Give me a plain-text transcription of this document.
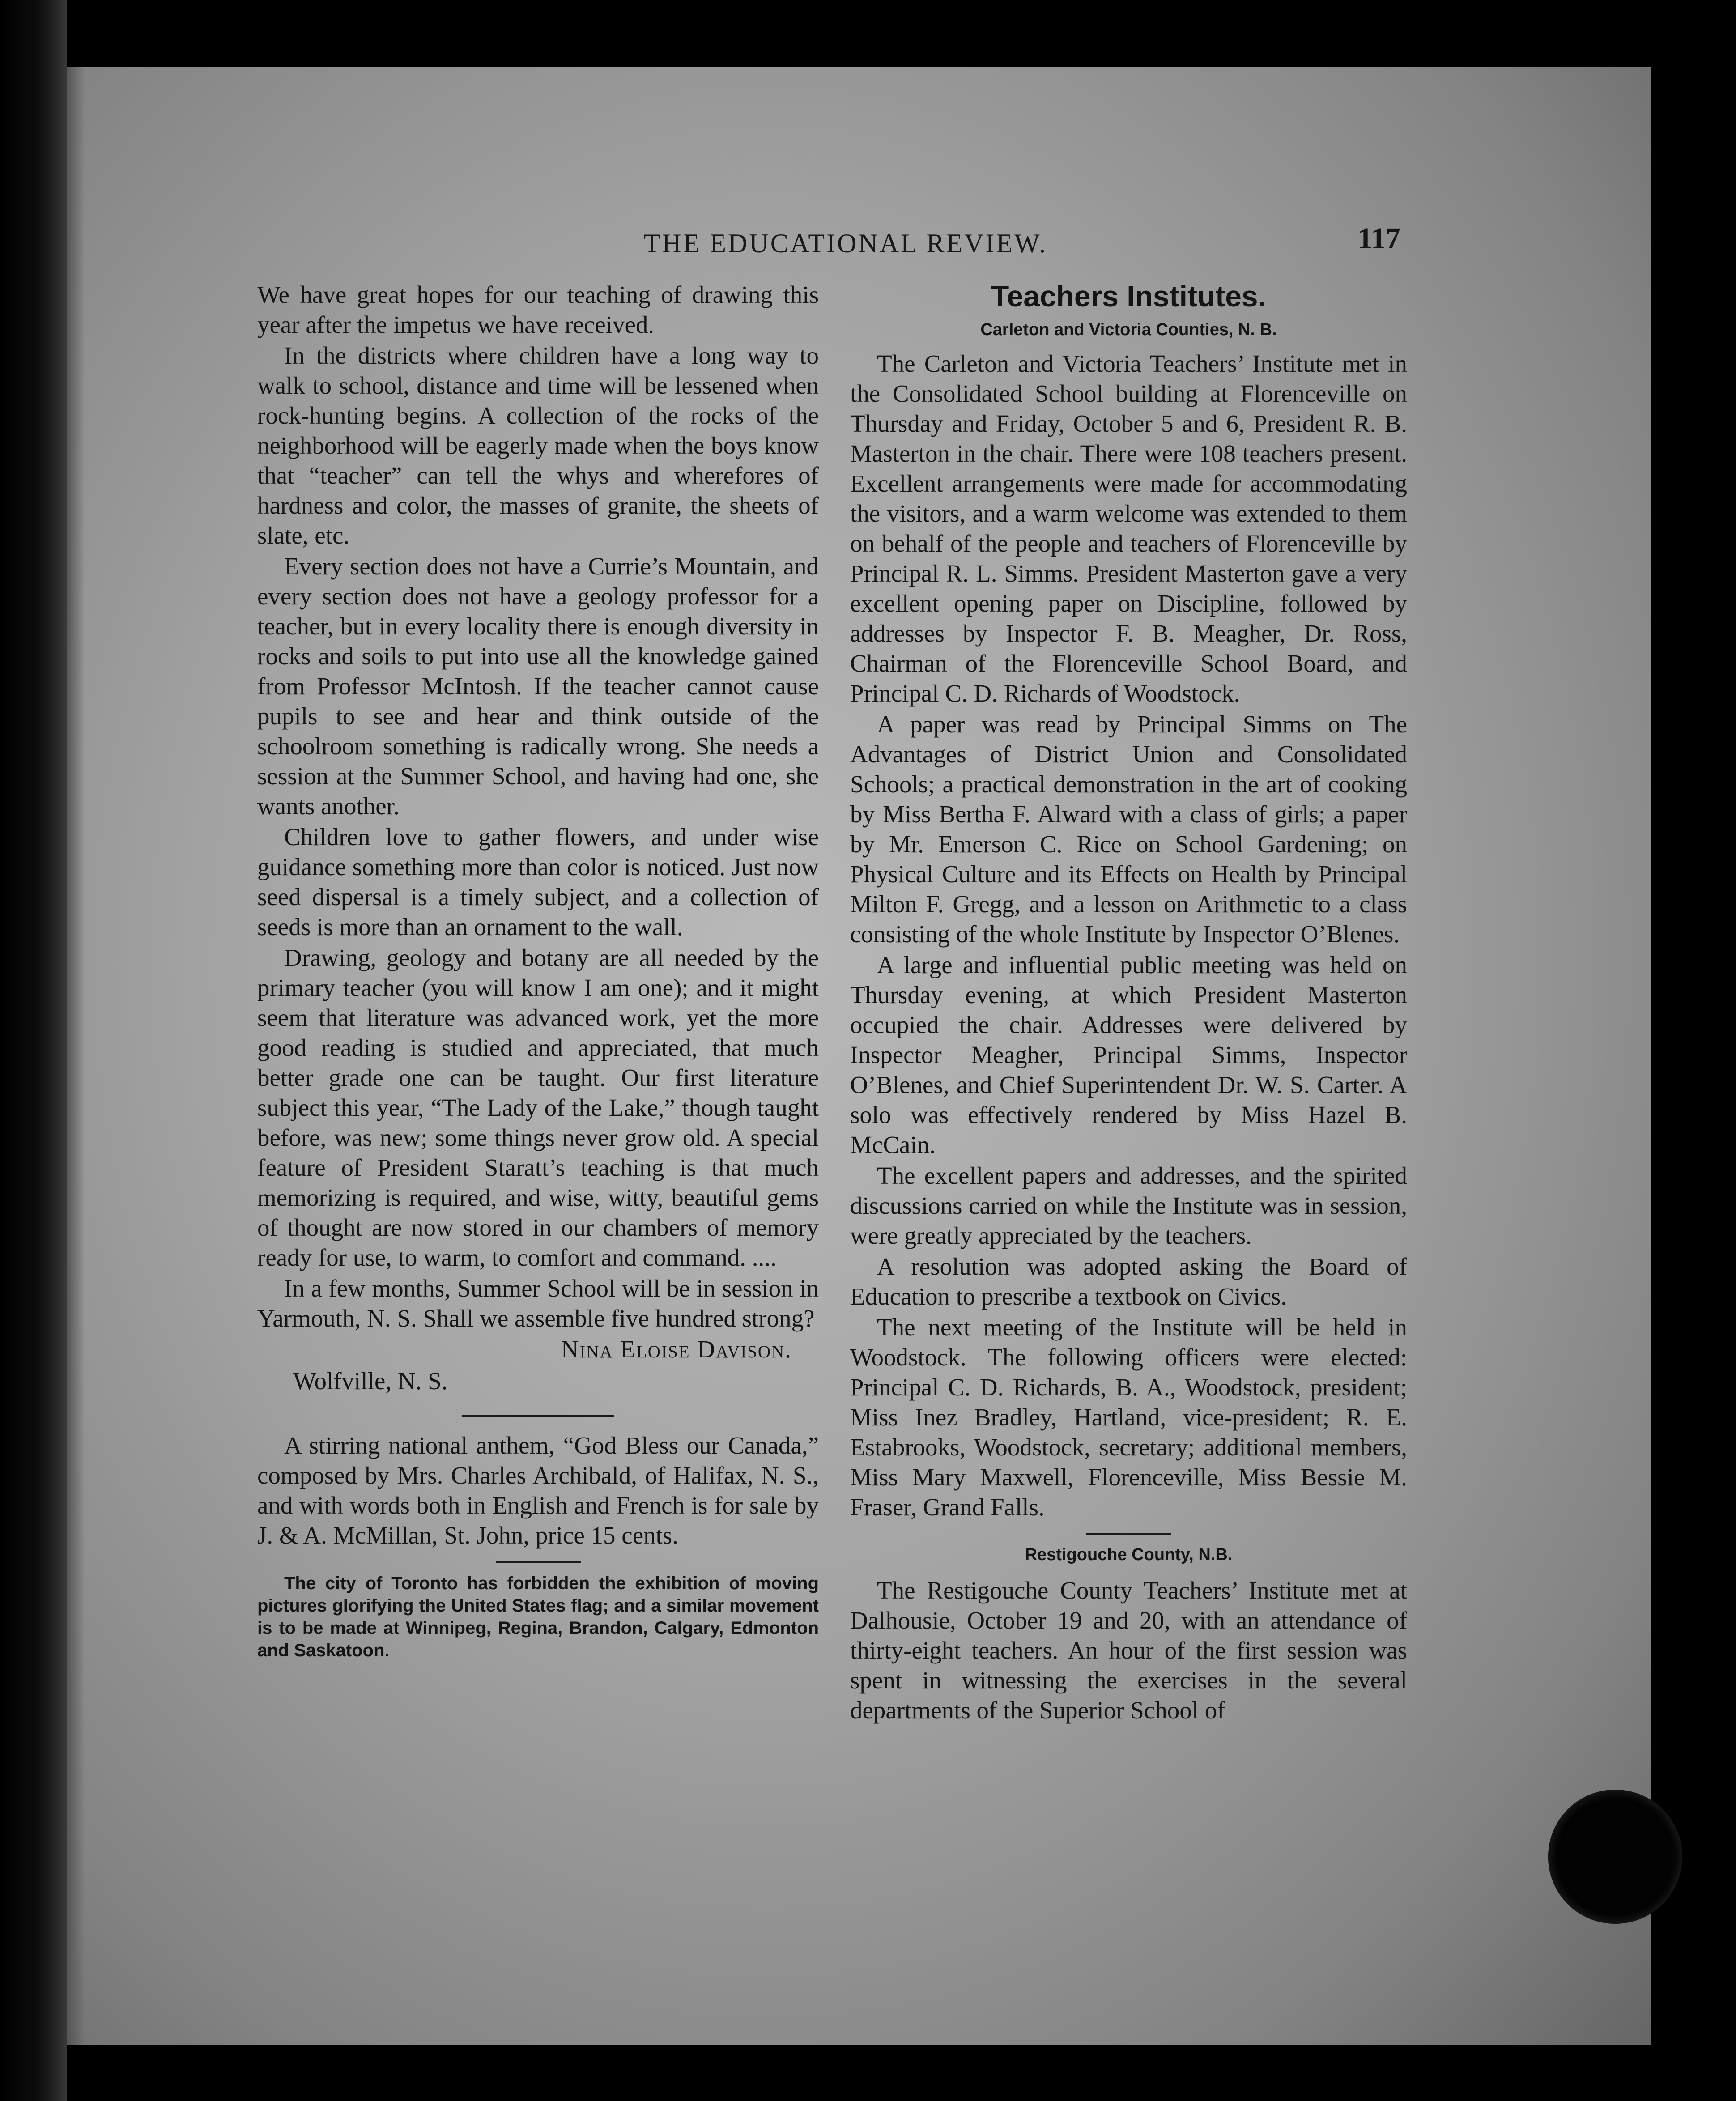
THE EDUCATIONAL REVIEW.	117

We have great hopes for our teaching of drawing this year after the impetus we have received.

In the districts where children have a long way to walk to school, distance and time will be lessened when rock-hunting begins. A collection of the rocks of the neighborhood will be eagerly made when the boys know that “teacher” can tell the whys and wherefores of hardness and color, the masses of granite, the sheets of slate, etc.

Every section does not have a Currie’s Mountain, and every section does not have a geology professor for a teacher, but in every locality there is enough diversity in rocks and soils to put into use all the knowledge gained from Professor McIntosh. If the teacher cannot cause pupils to see and hear and think outside of the schoolroom something is radically wrong. She needs a session at the Summer School, and having had one, she wants another.

Children love to gather flowers, and under wise guidance something more than color is noticed. Just now seed dispersal is a timely subject, and a collection of seeds is more than an ornament to the wall.

Drawing, geology and botany are all needed by the primary teacher (you will know I am one); and it might seem that literature was advanced work, yet the more good reading is studied and appreciated, that much better grade one can be taught. Our first literature subject this year, “The Lady of the Lake,” though taught before, was new; some things never grow old. A special feature of President Staratt’s teaching is that much memorizing is required, and wise, witty, beautiful gems of thought are now stored in our chambers of memory ready for use, to warm, to comfort and command. ....

In a few months, Summer School will be in session in Yarmouth, N. S. Shall we assemble five hundred strong?

Nina Eloise Davison.
Wolfville, N. S.

A stirring national anthem, “God Bless our Canada,” composed by Mrs. Charles Archibald, of Halifax, N. S., and with words both in English and French is for sale by J. & A. McMillan, St. John, price 15 cents.

The city of Toronto has forbidden the exhibition of moving pictures glorifying the United States flag; and a similar movement is to be made at Winnipeg, Regina, Brandon, Calgary, Edmonton and Saskatoon.

Teachers Institutes.
Carleton and Victoria Counties, N. B.

The Carleton and Victoria Teachers’ Institute met in the Consolidated School building at Florenceville on Thursday and Friday, October 5 and 6, President R. B. Masterton in the chair. There were 108 teachers present. Excellent arrangements were made for accommodating the visitors, and a warm welcome was extended to them on behalf of the people and teachers of Florenceville by Principal R. L. Simms. President Masterton gave a very excellent opening paper on Discipline, followed by addresses by Inspector F. B. Meagher, Dr. Ross, Chairman of the Florenceville School Board, and Principal C. D. Richards of Woodstock.

A paper was read by Principal Simms on The Advantages of District Union and Consolidated Schools; a practical demonstration in the art of cooking by Miss Bertha F. Alward with a class of girls; a paper by Mr. Emerson C. Rice on School Gardening; on Physical Culture and its Effects on Health by Principal Milton F. Gregg, and a lesson on Arithmetic to a class consisting of the whole Institute by Inspector O’Blenes.

A large and influential public meeting was held on Thursday evening, at which President Masterton occupied the chair. Addresses were delivered by Inspector Meagher, Principal Simms, Inspector O’Blenes, and Chief Superintendent Dr. W. S. Carter. A solo was effectively rendered by Miss Hazel B. McCain.

The excellent papers and addresses, and the spirited discussions carried on while the Institute was in session, were greatly appreciated by the teachers.

A resolution was adopted asking the Board of Education to prescribe a textbook on Civics.

The next meeting of the Institute will be held in Woodstock. The following officers were elected: Principal C. D. Richards, B. A., Woodstock, president; Miss Inez Bradley, Hartland, vice-president; R. E. Estabrooks, Woodstock, secretary; additional members, Miss Mary Maxwell, Florenceville, Miss Bessie M. Fraser, Grand Falls.

Restigouche County, N.B.

The Restigouche County Teachers’ Institute met at Dalhousie, October 19 and 20, with an attendance of thirty-eight teachers. An hour of the first session was spent in witnessing the exercises in the several departments of the Superior School of
